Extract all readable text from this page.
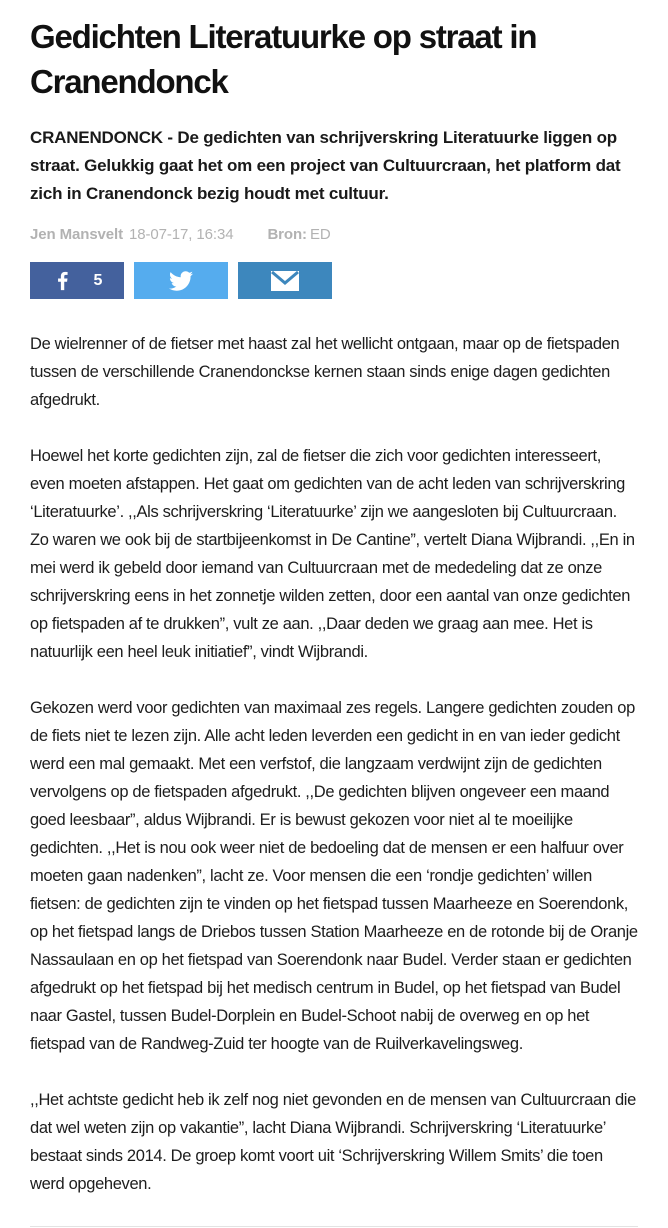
Gedichten Literatuurke op straat in Cranendonck

CRANENDONCK - De gedichten van schrijverskring Literatuurke liggen op straat. Gelukkig gaat het om een project van Cultuurcraan, het platform dat zich in Cranendonck bezig houdt met cultuur.

Jen Mansvelt 18-07-17, 16:34 Bron: ED
5

De wielrenner of de fietser met haast zal het wellicht ontgaan, maar op de fietspaden tussen de verschillende Cranendonckse kernen staan sinds enige dagen gedichten afgedrukt.

Hoewel het korte gedichten zijn, zal de fietser die zich voor gedichten interesseert, even moeten afstappen. Het gaat om gedichten van de acht leden van schrijverskring ‘Literatuurke’. ,,Als schrijverskring ‘Literatuurke’ zijn we aangesloten bij Cultuurcraan. Zo waren we ook bij de startbijeenkomst in De Cantine”, vertelt Diana Wijbrandi. ,,En in mei werd ik gebeld door iemand van Cultuurcraan met de mededeling dat ze onze schrijverskring eens in het zonnetje wilden zetten, door een aantal van onze gedichten op fietspaden af te drukken”, vult ze aan. ,,Daar deden we graag aan mee. Het is natuurlijk een heel leuk initiatief”, vindt Wijbrandi.

Gekozen werd voor gedichten van maximaal zes regels. Langere gedichten zouden op de fiets niet te lezen zijn. Alle acht leden leverden een gedicht in en van ieder gedicht werd een mal gemaakt. Met een verfstof, die langzaam verdwijnt zijn de gedichten vervolgens op de fietspaden afgedrukt. ,,De gedichten blijven ongeveer een maand goed leesbaar”, aldus Wijbrandi. Er is bewust gekozen voor niet al te moeilijke gedichten. ,,Het is nou ook weer niet de bedoeling dat de mensen er een halfuur over moeten gaan nadenken”, lacht ze. Voor mensen die een ‘rondje gedichten’ willen fietsen: de gedichten zijn te vinden op het fietspad tussen Maarheeze en Soerendonk, op het fietspad langs de Driebos tussen Station Maarheeze en de rotonde bij de Oranje Nassaulaan en op het fietspad van Soerendonk naar Budel. Verder staan er gedichten afgedrukt op het fietspad bij het medisch centrum in Budel, op het fietspad van Budel naar Gastel, tussen Budel-Dorplein en Budel-Schoot nabij de overweg en op het fietspad van de Randweg-Zuid ter hoogte van de Ruilverkavelingsweg.

,,Het achtste gedicht heb ik zelf nog niet gevonden en de mensen van Cultuurcraan die dat wel weten zijn op vakantie”, lacht Diana Wijbrandi. Schrijverskring ‘Literatuurke’ bestaat sinds 2014. De groep komt voort uit ‘Schrijverskring Willem Smits’ die toen werd opgeheven.
